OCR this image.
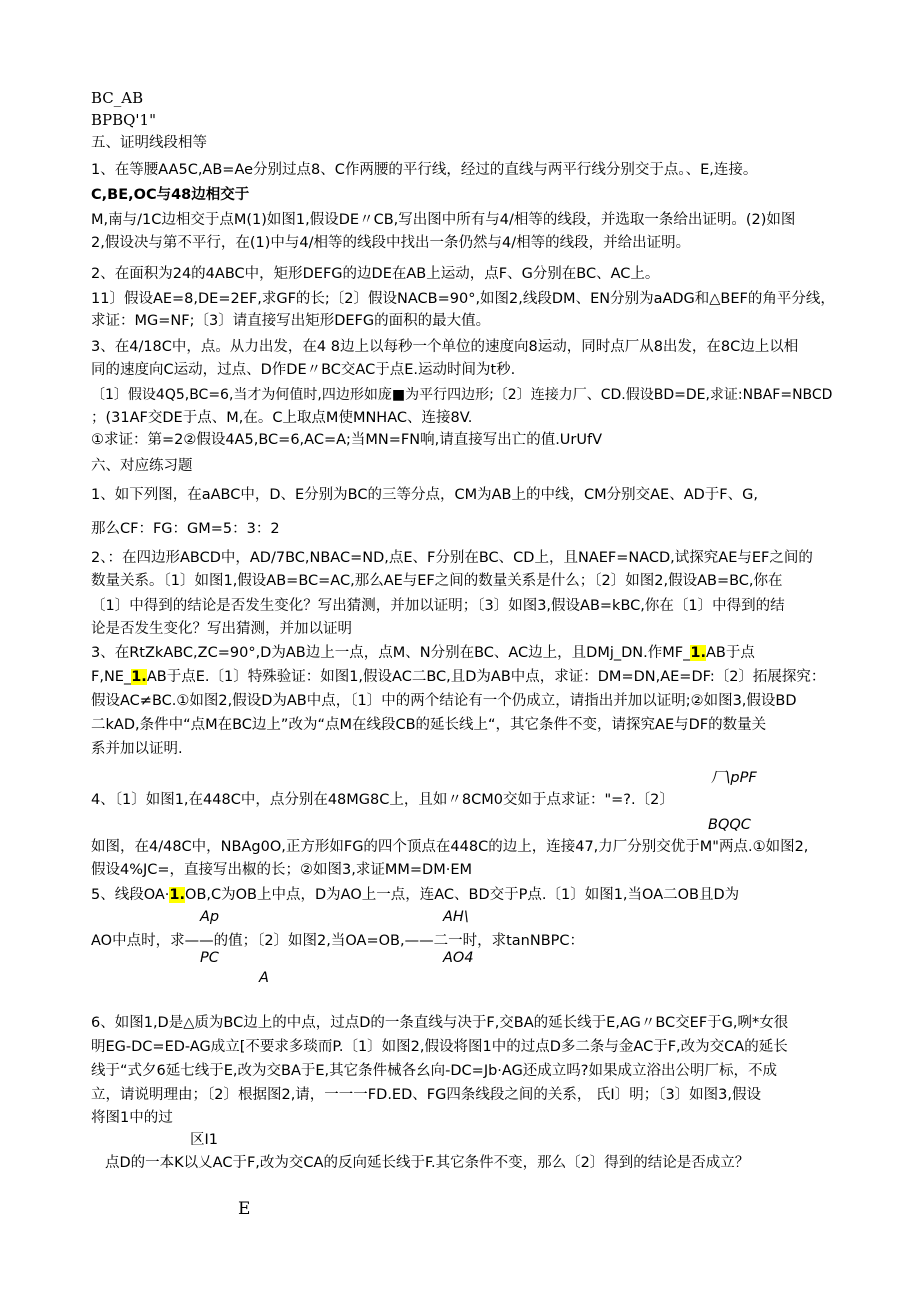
BC_AB
BPBQ'1"
五、证明线段相等
1、在等腰AA5C,AB=Ae分别过点8、C作两腰的平行线，经过的直线与两平行线分别交于点。、E,连接。
C,BE,OC与48边相交于
M,南与/1C边相交于点M(1)如图1,假设DE〃CB,写出图中所有与4/相等的线段，并选取一条给出证明。(2)如图
2,假设决与第不平行，在(1)中与4/相等的线段中找出一条仍然与4/相等的线段，并给出证明。
2、在面积为24的4ABC中，矩形DEFG的边DE在AB上运动，点F、G分别在BC、AC上。
11〕假设AE=8,DE=2EF,求GF的长;〔2〕假设NACB=90°,如图2,线段DM、EN分别为aADG和△BEF的角平分线，
求证：MG=NF;〔3〕请直接写出矩形DEFG的面积的最大值。
3、在4/18C中，点。从力出发，在4 8边上以每秒一个单位的速度向8运动，同时点厂从8出发，在8C边上以相
同的速度向C运动，过点、D作DE〃BC交AC于点E.运动时间为t秒.
〔1〕假设4Q5,BC=6,当才为何值时,四边形如庞■为平行四边形;〔2〕连接力厂、CD.假设BD=DE,求证:NBAF=NBCD
；(31AF交DE于点、M,在。C上取点M使MNHAC、连接8V.
①求证：第=2②假设4A5,BC=6,AC=A;当MN=FN响,请直接写出亡的值.UrUfV
六、对应练习题
1、如下列图，在aABC中，D、E分别为BC的三等分点，CM为AB上的中线，CM分别交AE、AD于F、G,
那么CF：FG：GM=5：3：2
2、：在四边形ABCD中，AD/7BC,NBAC=ND,点E、F分别在BC、CD上，且NAEF=NACD,试探究AE与EF之间的
数量关系。〔1〕如图1,假设AB=BC=AC,那么AE与EF之间的数量关系是什么；〔2〕如图2,假设AB=BC,你在
〔1〕中得到的结论是否发生变化？写出猜测，并加以证明；〔3〕如图3,假设AB=kBC,你在〔1〕中得到的结
论是否发生变化？写出猜测，并加以证明
3、在RtZkABC,ZC=90°,D为AB边上一点，点M、N分别在BC、AC边上，且DMj_DN.作MF_1.AB于点
F,NE_1.AB于点E.〔1〕特殊验证：如图1,假设AC二BC,且D为AB中点，求证：DM=DN,AE=DF:〔2〕拓展探究：
假设AC≠BC.①如图2,假设D为AB中点，〔1〕中的两个结论有一个仍成立，请指出并加以证明;②如图3,假设BD
二kAD,条件中“点M在BC边上”改为“点M在线段CB的延长线上“，其它条件不变，请探究AE与DF的数量关
系并加以证明.
厂\pPF
4、〔1〕如图1,在448C中，点分别在48MG8C上，且如〃8CM0交如于点求证："=?.〔2〕
BQQC
如图，在4/48C中，NBAg0O,正方形如FG的四个顶点在448C的边上，连接47,力厂分别交优于M"两点.①如图2,
假设4%JC=，直接写出椒的长；②如图3,求证MM=DM·EM
5、线段OA·1.OB,C为OB上中点，D为AO上一点，连AC、BD交于P点.〔1〕如图1,当OA二OB且D为
Ap	AH\
AO中点时，求——的值；〔2〕如图2,当OA=OB,——二一时，求tanNBPC：
PC	AO4
A
6、如图1,D是△质为BC边上的中点，过点D的一条直线与决于F,交BA的延长线于E,AG〃BC交EF于G,咧*女很
明EG-DC=ED-AG成立[不要求多琰而P.〔1〕如图2,假设将图1中的过点D多二条与金AC于F,改为交CA的延长
线于“式夕6延七线于E,改为交BA于E,其它条件械各幺向-DC=Jb·AG还成立吗?如果成立浴出公明厂标，不成
立，请说明理由；〔2〕根据图2,请，一一一FD.ED、FG四条线段之间的关系， 氏I〕明；〔3〕如图3,假设
将图1中的过
区I1
点D的一本K以乂AC于F,改为交CA的反向延长线于F.其它条件不变，那么〔2〕得到的结论是否成立？
E
